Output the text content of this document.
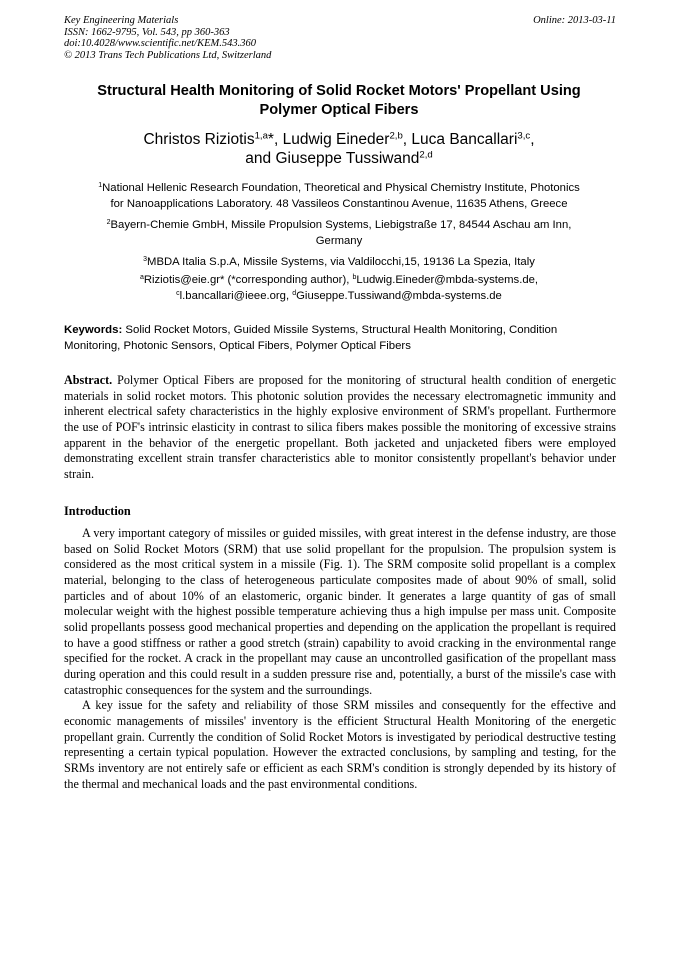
Key Engineering Materials
ISSN: 1662-9795, Vol. 543, pp 360-363
doi:10.4028/www.scientific.net/KEM.543.360
© 2013 Trans Tech Publications Ltd, Switzerland
Online: 2013-03-11
Structural Health Monitoring of Solid Rocket Motors' Propellant Using
Polymer Optical Fibers
Christos Riziotis$^{1,a}$*, Ludwig Eineder$^{2,b}$, Luca Bancallari$^{3,c}$,
and Giuseppe Tussiwand$^{2,d}$
$^1$National Hellenic Research Foundation, Theoretical and Physical Chemistry Institute, Photonics
for Nanoapplications Laboratory. 48 Vassileos Constantinou Avenue, 11635 Athens, Greece
$^2$Bayern-Chemie GmbH, Missile Propulsion Systems, Liebigstraße 17, 84544 Aschau am Inn,
Germany
$^3$MBDA Italia S.p.A, Missile Systems, via Valdilocchi,15, 19136 La Spezia, Italy
$^a$Riziotis@eie.gr* (*corresponding author), $^b$Ludwig.Eineder@mbda-systems.de,
$^c$l.bancallari@ieee.org, $^d$Giuseppe.Tussiwand@mbda-systems.de
Keywords: Solid Rocket Motors, Guided Missile Systems, Structural Health Monitoring, Condition Monitoring, Photonic Sensors, Optical Fibers, Polymer Optical Fibers
Abstract. Polymer Optical Fibers are proposed for the monitoring of structural health condition of energetic materials in solid rocket motors. This photonic solution provides the necessary electromagnetic immunity and inherent electrical safety characteristics in the highly explosive environment of SRM's propellant. Furthermore the use of POF's intrinsic elasticity in contrast to silica fibers makes possible the monitoring of excessive strains apparent in the behavior of the energetic propellant. Both jacketed and unjacketed fibers were employed demonstrating excellent strain transfer characteristics able to monitor consistently propellant's behavior under strain.
Introduction

A very important category of missiles or guided missiles, with great interest in the defense industry, are those based on Solid Rocket Motors (SRM) that use solid propellant for the propulsion. The propulsion system is considered as the most critical system in a missile (Fig. 1). The SRM composite solid propellant is a complex material, belonging to the class of heterogeneous particulate composites made of about 90% of small, solid particles and of about 10% of an elastomeric, organic binder. It generates a large quantity of gas of small molecular weight with the highest possible temperature achieving thus a high impulse per mass unit. Composite solid propellants possess good mechanical properties and depending on the application the propellant is required to have a good stiffness or rather a good stretch (strain) capability to avoid cracking in the environmental range specified for the rocket. A crack in the propellant may cause an uncontrolled gasification of the propellant mass during operation and this could result in a sudden pressure rise and, potentially, a burst of the missile's case with catastrophic consequences for the system and the surroundings.

A key issue for the safety and reliability of those SRM missiles and consequently for the effective and economic managements of missiles' inventory is the efficient Structural Health Monitoring of the energetic propellant grain. Currently the condition of Solid Rocket Motors is investigated by periodical destructive testing representing a certain typical population. However the extracted conclusions, by sampling and testing, for the SRMs inventory are not entirely safe or efficient as each SRM's condition is strongly depended by its history of the thermal and mechanical loads and the past environmental conditions.
